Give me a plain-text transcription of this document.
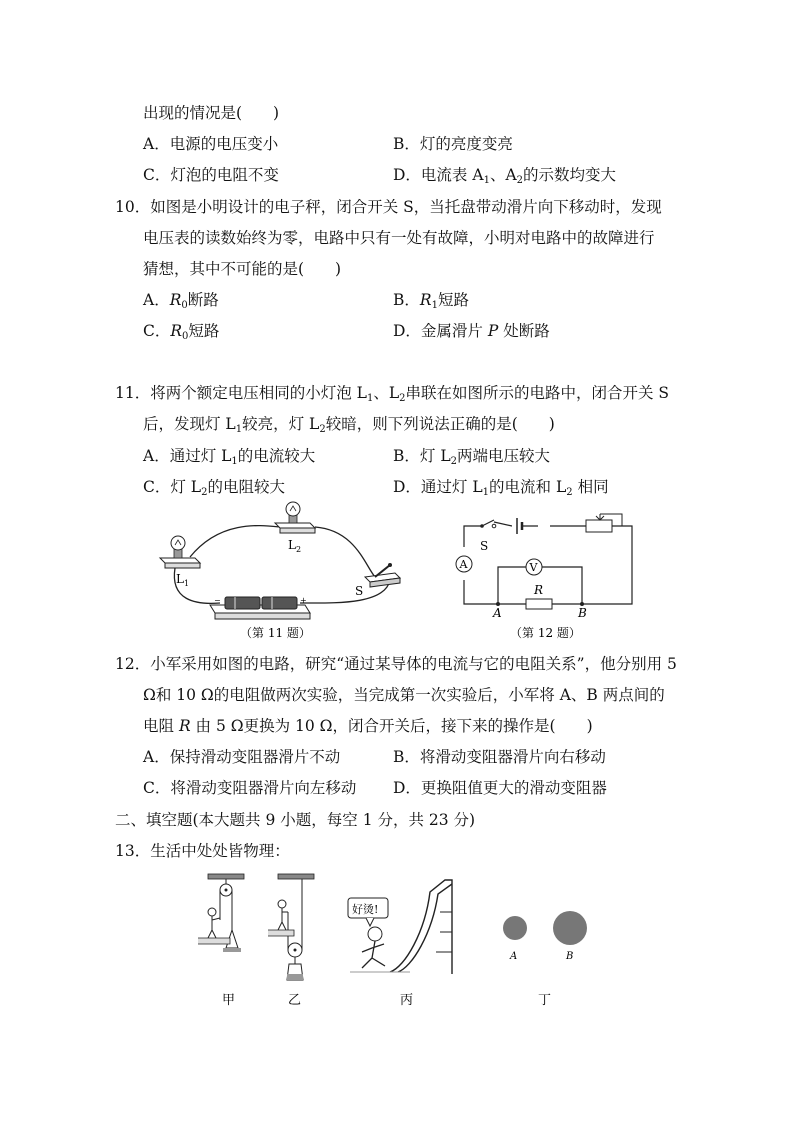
出现的情况是(　　)
A．电源的电压变小	B．灯的亮度变亮
C．灯泡的电阻不变	D．电流表 $A_1$、$A_2$的示数均变大
10．如图是小明设计的电子秤，闭合开关 S，当托盘带动滑片向下移动时，发现
电压表的读数始终为零，电路中只有一处有故障，小明对电路中的故障进行
猜想，其中不可能的是(　　)
A．$R_0$断路	B．$R_1$短路
C．$R_0$短路	D．金属滑片 P 处断路
11．将两个额定电压相同的小灯泡 $L_1$、$L_2$串联在如图所示的电路中，闭合开关 S
后，发现灯 $L_1$较亮，灯 $L_2$较暗，则下列说法正确的是(　　)
A．通过灯 $L_1$的电流较大	B．灯 $L_2$两端电压较大
C．灯 $L_2$的电阻较大	D．通过灯 $L_1$的电流和 $L_2$ 相同
$L_1$
$L_2$
S
−	+
（第 11 题）
S
A	V
R
A	B
（第 12 题）
12．小军采用如图的电路，研究“通过某导体的电流与它的电阻关系”，他分别用 5
Ω和 10 Ω的电阻做两次实验，当完成第一次实验后，小军将 A、B 两点间的
电阻 R 由 5 Ω更换为 10 Ω，闭合开关后，接下来的操作是(　　)
A．保持滑动变阻器滑片不动	B．将滑动变阻器滑片向右移动
C．将滑动变阻器滑片向左移动 D．更换阻值更大的滑动变阻器
二、填空题(本大题共 9 小题，每空 1 分，共 23 分)
13．生活中处处皆物理：
甲	乙
好烫!
丙
A	B
丁
